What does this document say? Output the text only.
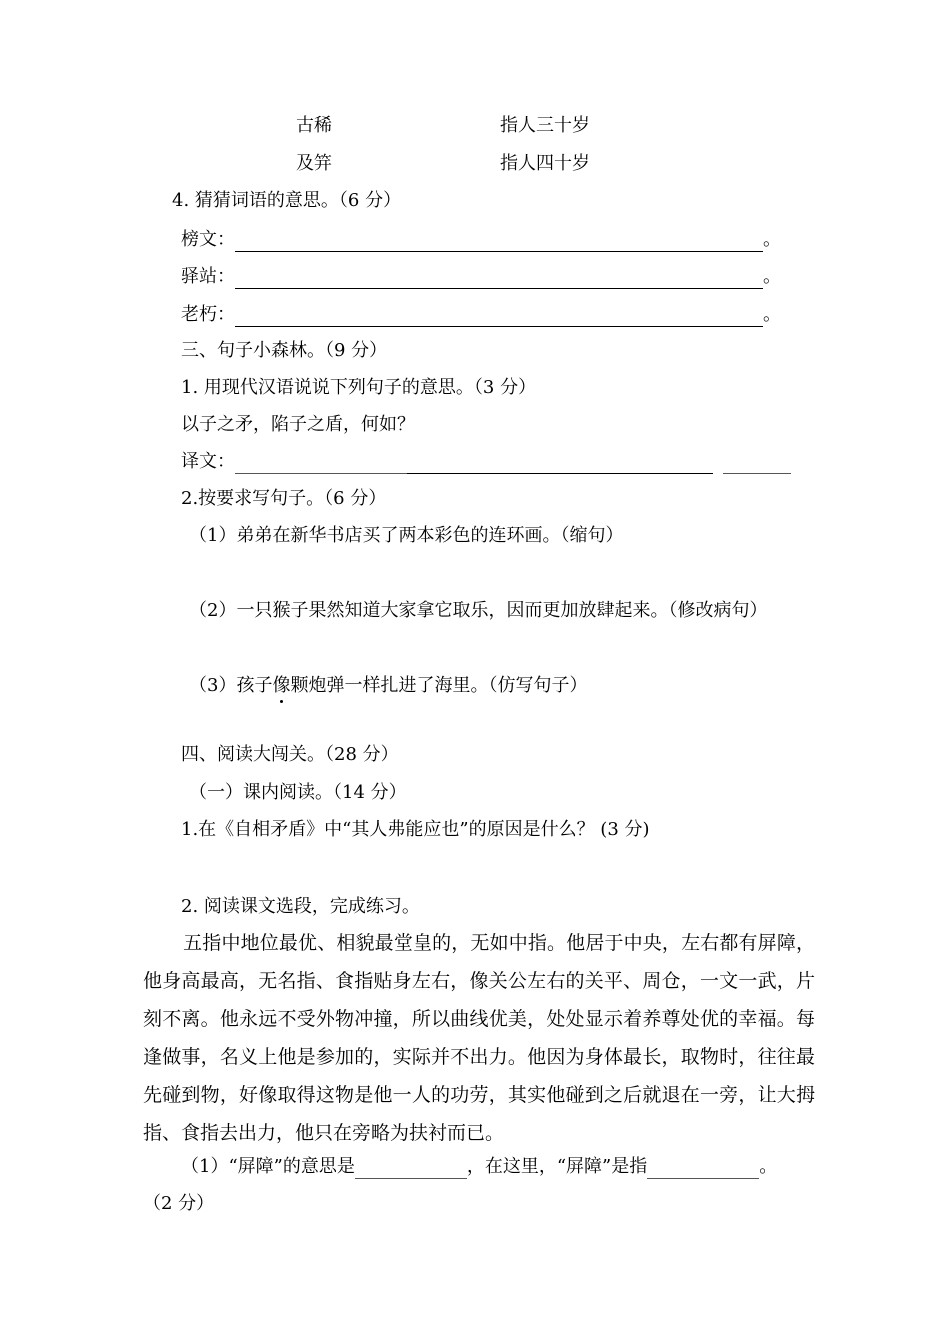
古稀	指人三十岁
及笄	指人四十岁
4. 猜猜词语的意思。（6 分）
榜文：	。
驿站：	。
老朽：	。
三、句子小森林。（9 分）
1. 用现代汉语说说下列句子的意思。（3 分）
以子之矛，陷子之盾，何如？
译文：
2.按要求写句子。（6 分）
（1）弟弟在新华书店买了两本彩色的连环画。（缩句）
（2）一只猴子果然知道大家拿它取乐，因而更加放肆起来。（修改病句）
（3）孩子像颗炮弹一样扎进了海里。（仿写句子）
四、阅读大闯关。（28 分）
（一）课内阅读。（14 分）
1.在《自相矛盾》中“其人弗能应也”的原因是什么？ (3 分)
2. 阅读课文选段，完成练习。
五指中地位最优、相貌最堂皇的，无如中指。他居于中央，左右都有屏障，他身高最高，无名指、食指贴身左右，像关公左右的关平、周仓，一文一武，片刻不离。他永远不受外物冲撞，所以曲线优美，处处显示着养尊处优的幸福。每逢做事，名义上他是参加的，实际并不出力。他因为身体最长，取物时，往往最先碰到物，好像取得这物是他一人的功劳，其实他碰到之后就退在一旁，让大拇指、食指去出力，他只在旁略为扶衬而已。
（1）“屏障”的意思是	，在这里，“屏障”是指	。
（2 分）
